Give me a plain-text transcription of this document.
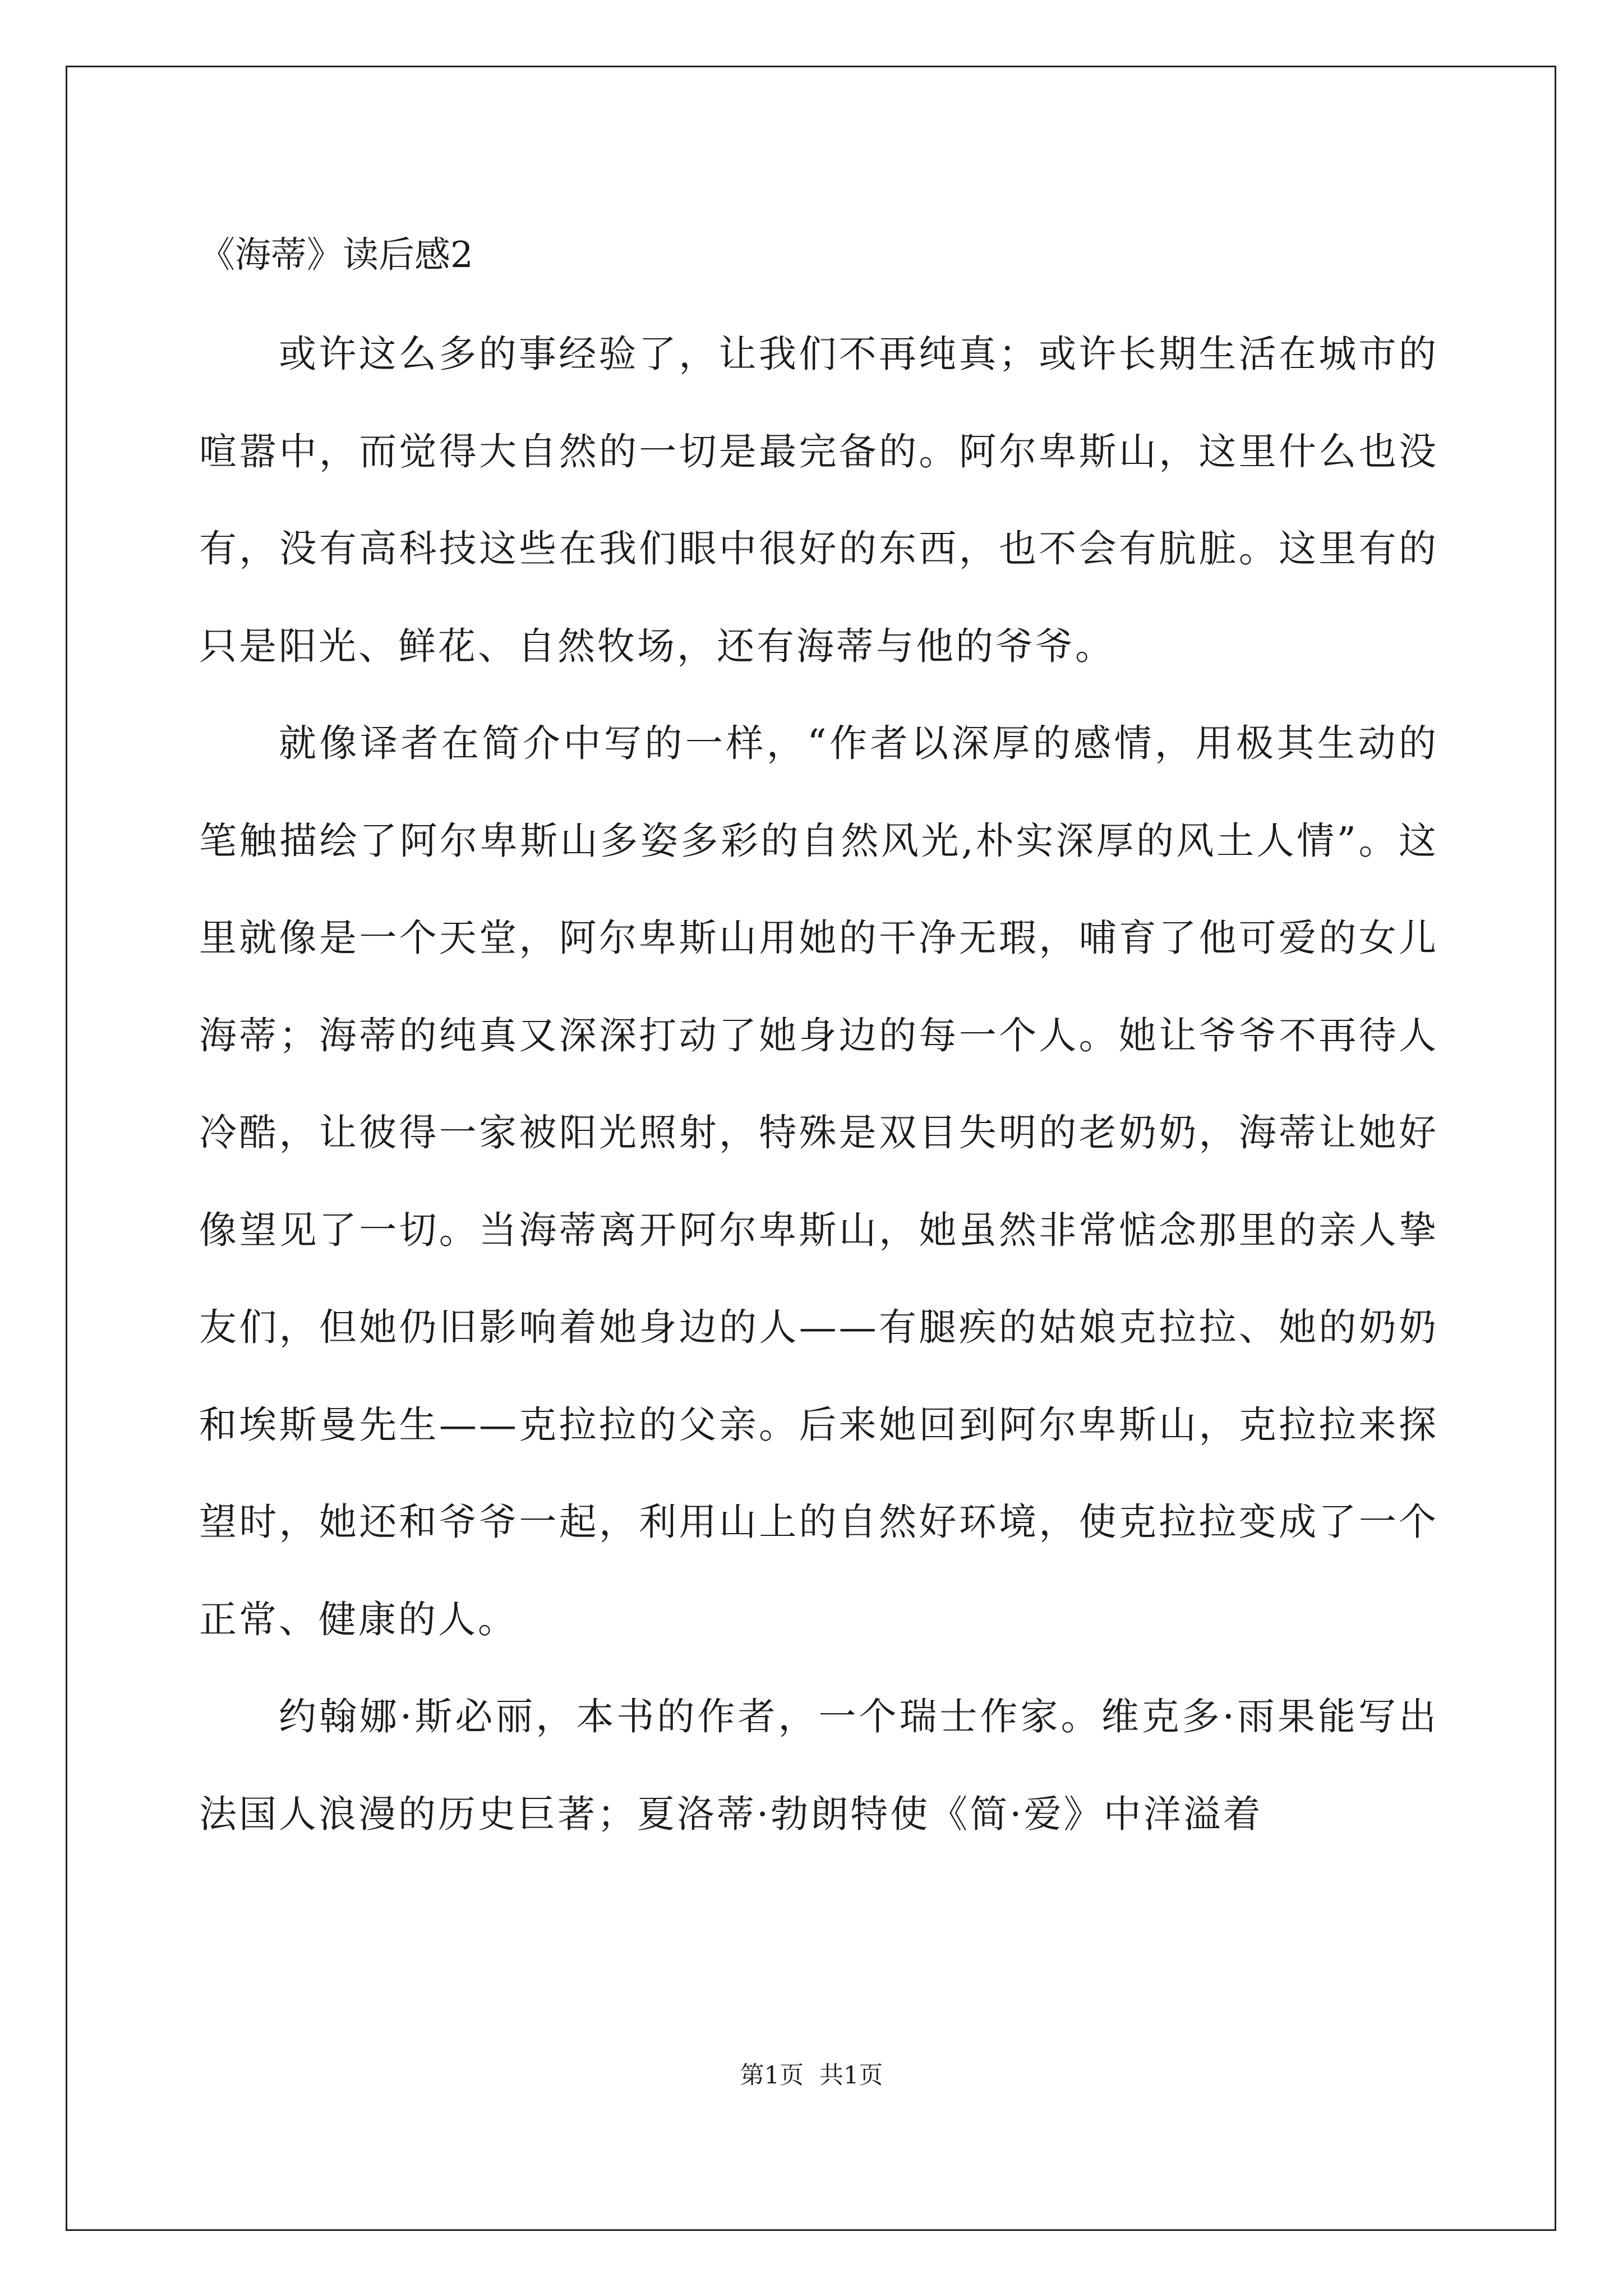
《海蒂》读后感2

或许这么多的事经验了，让我们不再纯真；或许长期生活在城市的喧嚣中，而觉得大自然的一切是最完备的。阿尔卑斯山，这里什么也没有，没有高科技这些在我们眼中很好的东西，也不会有肮脏。这里有的只是阳光、鲜花、自然牧场，还有海蒂与他的爷爷。

就像译者在简介中写的一样，“作者以深厚的感情，用极其生动的笔触描绘了阿尔卑斯山多姿多彩的自然风光,朴实深厚的风土人情”。这里就像是一个天堂，阿尔卑斯山用她的干净无瑕，哺育了他可爱的女儿海蒂；海蒂的纯真又深深打动了她身边的每一个人。她让爷爷不再待人冷酷，让彼得一家被阳光照射，特殊是双目失明的老奶奶，海蒂让她好像望见了一切。当海蒂离开阿尔卑斯山，她虽然非常惦念那里的亲人挚友们，但她仍旧影响着她身边的人——有腿疾的姑娘克拉拉、她的奶奶和埃斯曼先生——克拉拉的父亲。后来她回到阿尔卑斯山，克拉拉来探望时，她还和爷爷一起，利用山上的自然好环境，使克拉拉变成了一个正常、健康的人。

约翰娜·斯必丽，本书的作者，一个瑞士作家。维克多·雨果能写出法国人浪漫的历史巨著；夏洛蒂·勃朗特使《简·爱》中洋溢着

第1页 共1页
